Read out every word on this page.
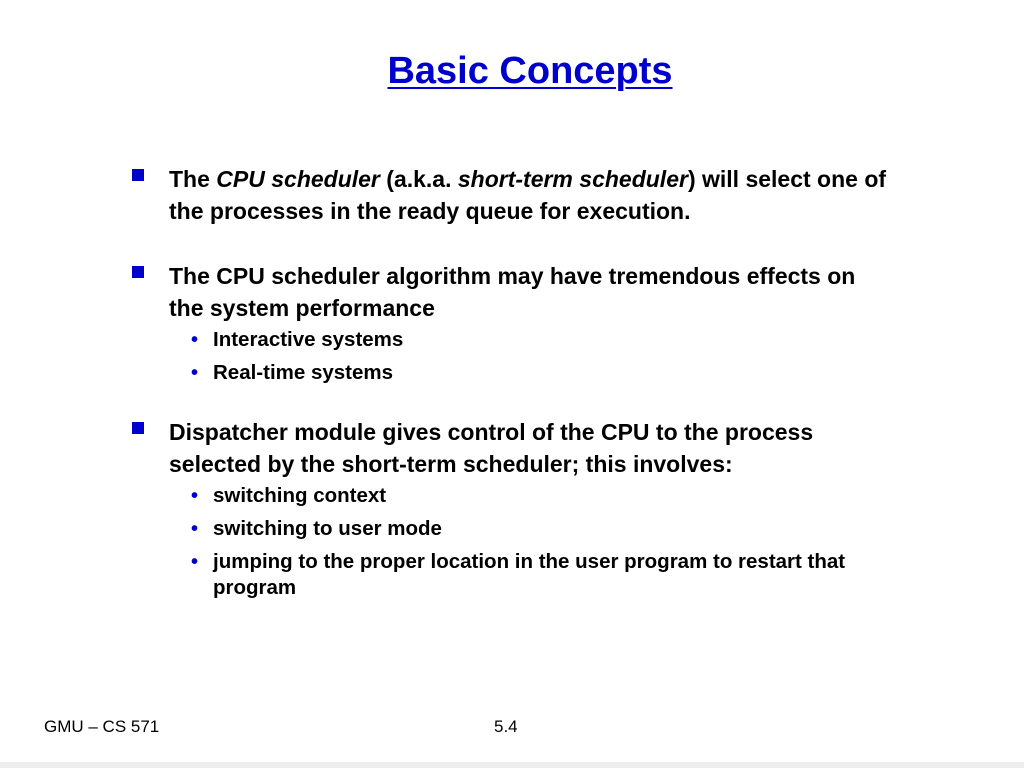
Basic Concepts
The CPU scheduler (a.k.a. short-term scheduler) will select one of the processes in the ready queue for execution.
The CPU scheduler algorithm may have tremendous effects on the system performance
• Interactive systems
• Real-time systems
Dispatcher module gives control of the CPU to the process selected by the short-term scheduler; this involves:
• switching context
• switching to user mode
• jumping to the proper location in the user program to restart that program
GMU – CS 571	5.4
